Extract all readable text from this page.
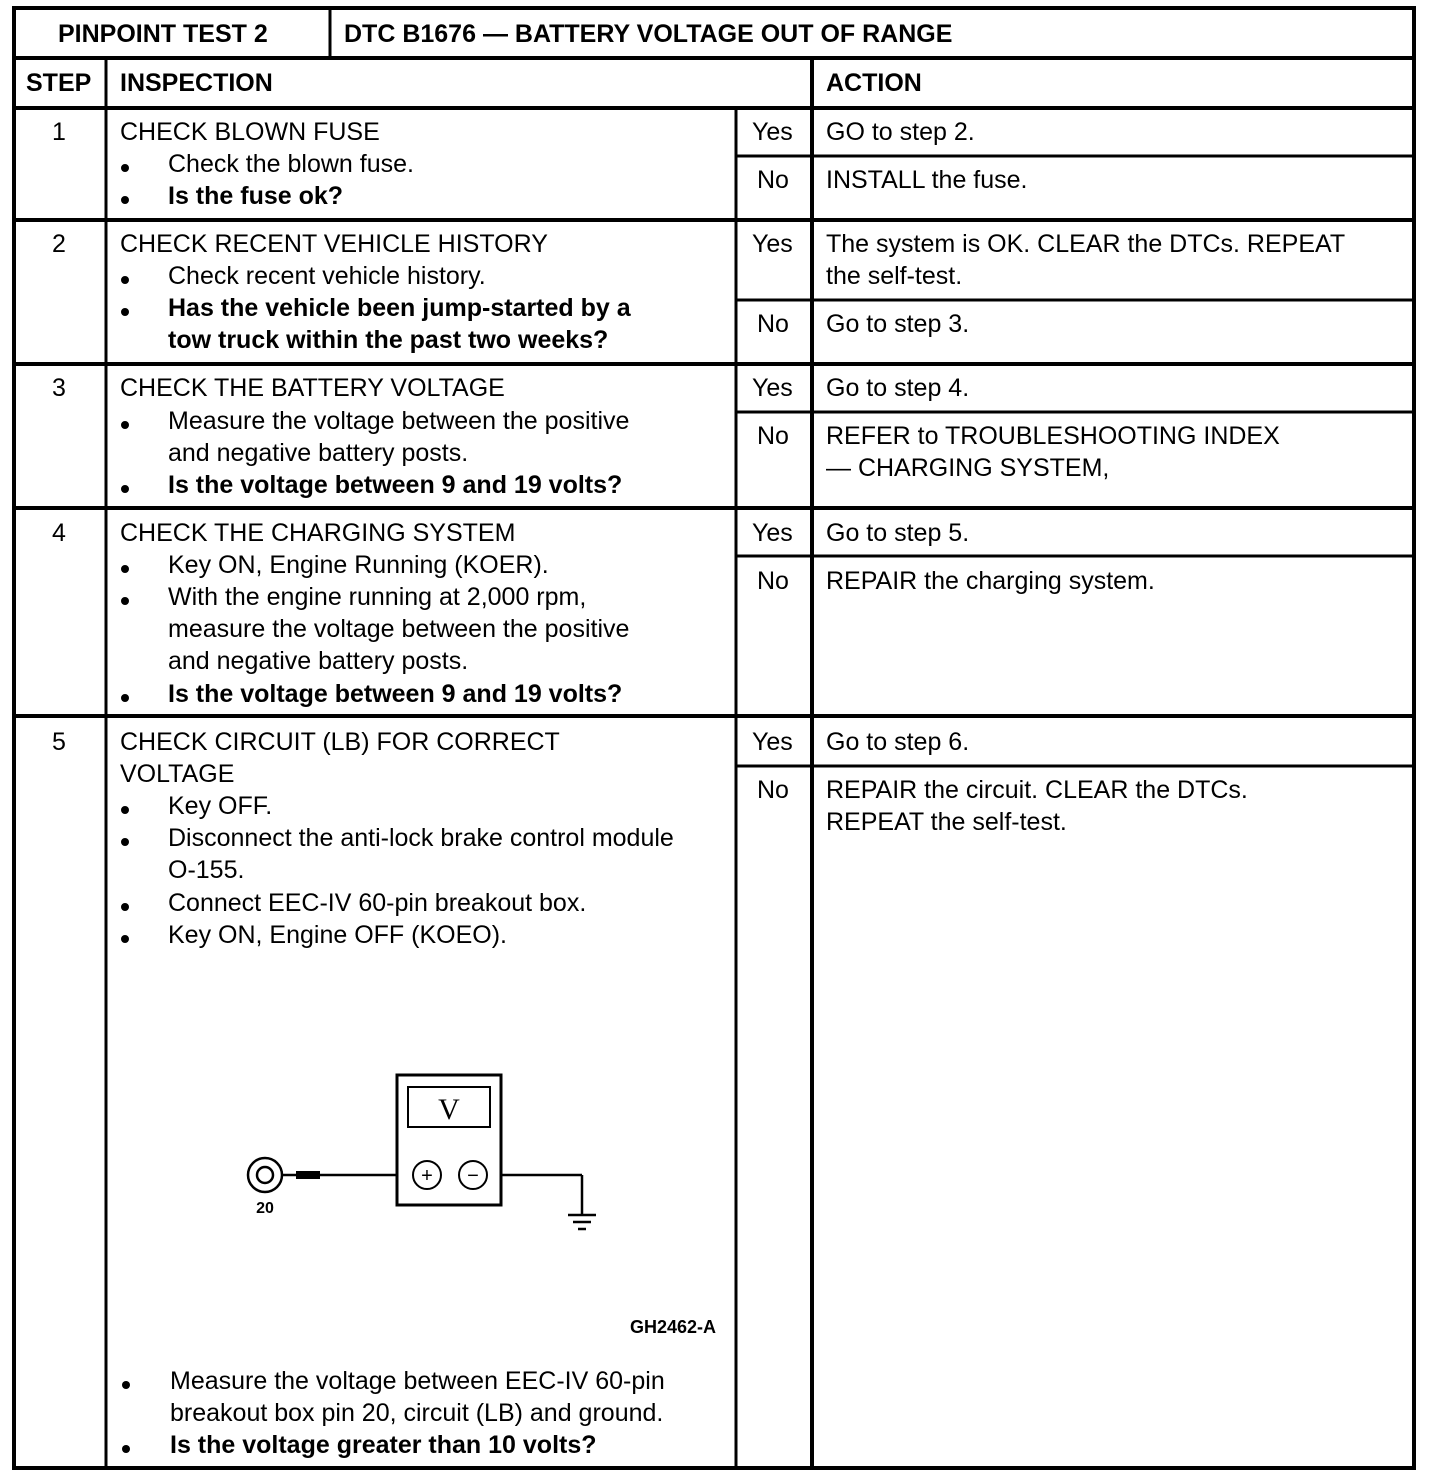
PINPOINT TEST 2	DTC B1676 — BATTERY VOLTAGE OUT OF RANGE
STEP INSPECTION	ACTION
1 CHECK BLOWN FUSE
Check the blown fuse.
Is the fuse ok?
Yes GO to step 2.
No INSTALL the fuse.
2 CHECK RECENT VEHICLE HISTORY
Check recent vehicle history.
Has the vehicle been jump-started by a
tow truck within the past two weeks?
Yes The system is OK. CLEAR the DTCs. REPEAT
the self-test.
No Go to step 3.
3 CHECK THE BATTERY VOLTAGE
Measure the voltage between the positive
and negative battery posts.
Is the voltage between 9 and 19 volts?
Yes Go to step 4.
No REFER to TROUBLESHOOTING INDEX
— CHARGING SYSTEM,
4 CHECK THE CHARGING SYSTEM
Key ON, Engine Running (KOER).
With the engine running at 2,000 rpm,
measure the voltage between the positive
and negative battery posts.
Is the voltage between 9 and 19 volts?
Yes Go to step 5.
No REPAIR the charging system.
5 CHECK CIRCUIT (LB) FOR CORRECT
VOLTAGE
Key OFF.
Disconnect the anti-lock brake control module
O-155.
Connect EEC-IV 60-pin breakout box.
Key ON, Engine OFF (KOEO).
V
+ −
20
GH2462-A
Measure the voltage between EEC-IV 60-pin
breakout box pin 20, circuit (LB) and ground.
Is the voltage greater than 10 volts?
Yes Go to step 6.
No REPAIR the circuit. CLEAR the DTCs.
REPEAT the self-test.
